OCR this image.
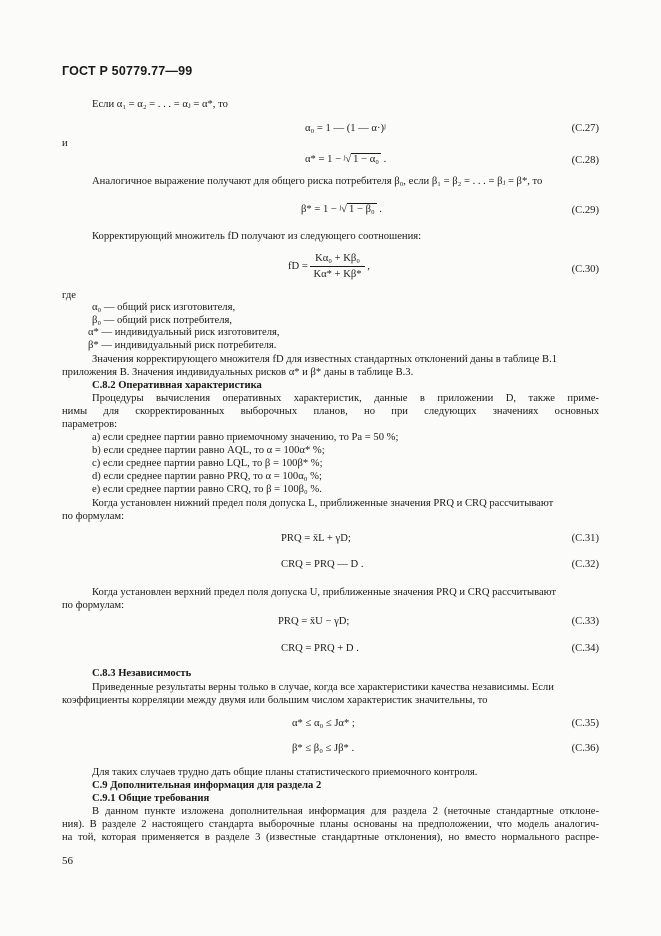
ГОСТ Р 50779.77—99
Если α₁ = α₂ = . . . = αⱼ = α*, то
α₀ = 1 — (1 — α·)ʲ	(C.27)
и
α* = 1 − ʲ√ 1 − α₀ .	(C.28)
Аналогичное выражение получают для общего риска потребителя β₀, если β₁ = β₂ = . . . = βⱼ = β*, то
β* = 1 − ʲ√ 1 − β₀ .	(C.29)
Корректирующий множитель fD получают из следующего соотношения:
fD = $\frac{\text{Kα₀ + Kβ₀}}{K\alpha* + K\beta*}$ ,	(C.30)
где
α₀ — общий риск изготовителя,
β₀ — общий риск потребителя,
α* — индивидуальный риск изготовителя,
β* — индивидуальный риск потребителя.
Значения корректирующего множителя fD для известных стандартных отклонений даны в таблице В.1
приложения В. Значения индивидуальных рисков α* и β* даны в таблице В.3.
С.8.2 Оперативная характеристика
Процедуры вычисления оперативных характеристик, данные в приложении D, также приме-
нимы для скорректированных выборочных планов, но при следующих значениях основных
параметров:
a) если среднее партии равно приемочному значению, то Pa = 50 %;
b) если среднее партии равно AQL, то α = 100α* %;
c) если среднее партии равно LQL, то β = 100β* %;
d) если среднее партии равно PRQ, то α = 100α₀ %;
e) если среднее партии равно CRQ, то β = 100β₀ %.
Когда установлен нижний предел поля допуска L, приближенные значения PRQ и CRQ рассчитывают
по формулам:
PRQ = x̄L + γD;	(C.31)
CRQ = PRQ — D .	(C.32)
Когда установлен верхний предел поля допуска U, приближенные значения PRQ и CRQ рассчитывают
по формулам:
PRQ = x̄U − γD;	(C.33)
CRQ = PRQ + D .	(C.34)
С.8.3 Независимость
Приведенные результаты верны только в случае, когда все характеристики качества независимы. Если
коэффициенты корреляции между двумя или большим числом характеристик значительны, то
α* ≤ α₀ ≤ Jα* ;	(C.35)
β* ≤ β₀ ≤ Jβ* .	(C.36)
Для таких случаев трудно дать общие планы статистического приемочного контроля.
С.9 Дополнительная информация для раздела 2
С.9.1 Общие требования
В данном пункте изложена дополнительная информация для раздела 2 (неточные стандартные отклоне-
ния). В разделе 2 настоящего стандарта выборочные планы основаны на предположении, что модель аналогич-
на той, которая применяется в разделе 3 (известные стандартные отклонения), но вместо нормального распре-
56
